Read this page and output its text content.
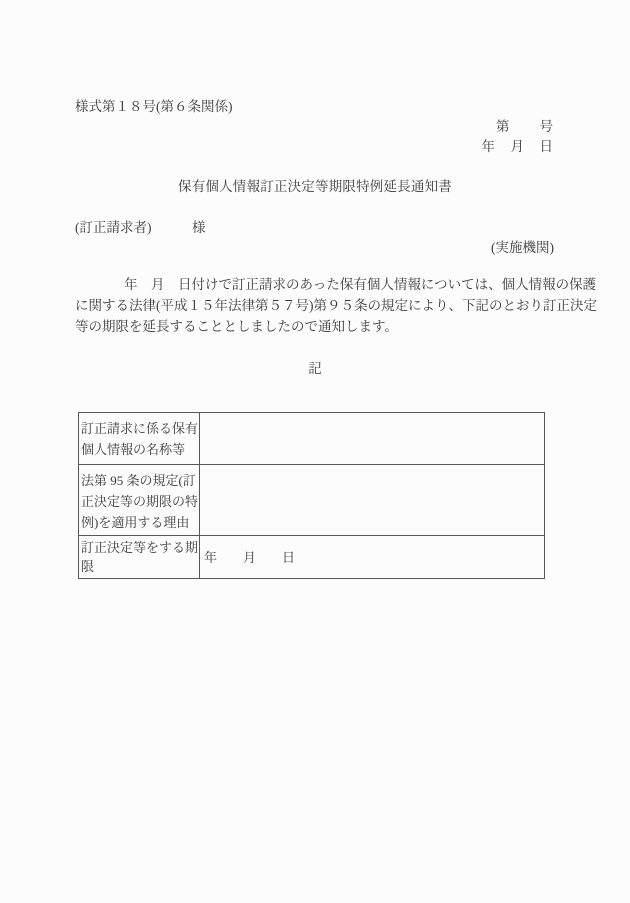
様式第１８号(第６条関係)
第　　号
年　月　日
保有個人情報訂正決定等期限特例延長通知書
(訂正請求者)　　　様
(実施機関)
年　月　日付けで訂正請求のあった保有個人情報については、個人情報の保護
に関する法律(平成１５年法律第５７号)第９５条の規定により、下記のとおり訂正決定
等の期限を延長することとしましたので通知します。
記
訂正請求に係る保有個人情報の名称等	
法第 95 条の規定(訂正決定等の期限の特例)を適用する理由	
訂正決定等をする期限	年　　月　　日
